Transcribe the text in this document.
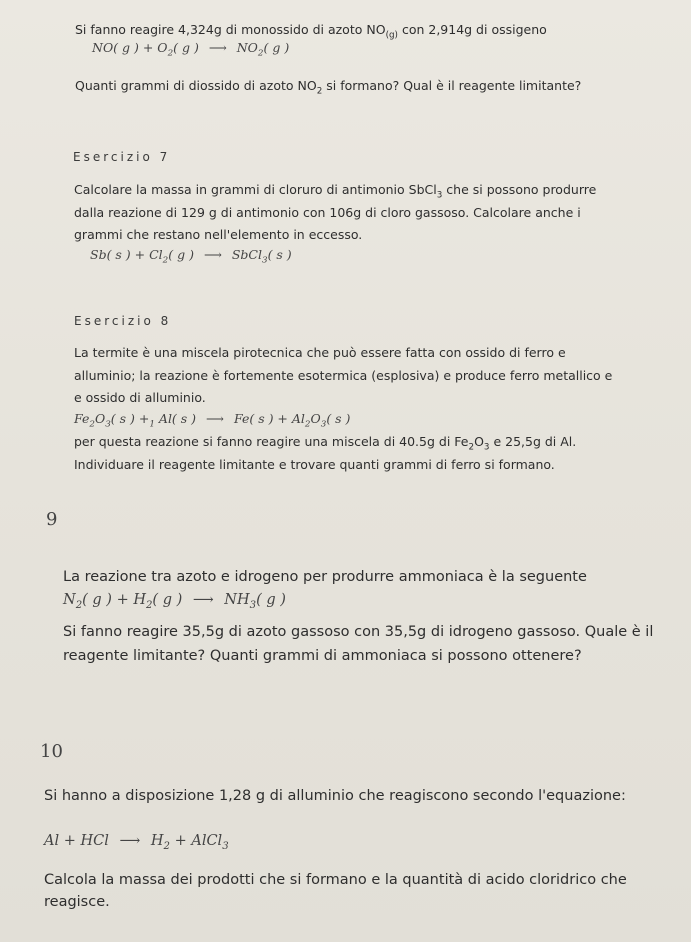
Si fanno reagire 4,324g di monossido di azoto $NO_{(g)}$ con 2,914g di ossigeno
NO( g ) + $O_2$( g ) ⟶ $NO_2$( g )
Quanti grammi di diossido di azoto $NO_2$ si formano? Qual è il reagente limitante?
Esercizio 7
Calcolare la massa in grammi di cloruro di antimonio SbCl$_3$ che si possono produrre
dalla reazione di 129 g di antimonio con 106g di cloro gassoso. Calcolare anche i
grammi che restano nell'elemento in eccesso.
Sb( s ) + $Cl_2$( g ) ⟶ SbCl$_3$( s )
Esercizio 8
La termite è una miscela pirotecnica che può essere fatta con ossido di ferro e
alluminio; la reazione è fortemente esotermica (esplosiva) e produce ferro metallico e
e ossido di alluminio.
$Fe_2O_3$( s ) $+_1$ Al( s ) ⟶ Fe( s ) + $Al_2O_3$( s )
per questa reazione si fanno reagire una miscela di 40.5g di $Fe_2O_3$ e 25,5g di Al.
Individuare il reagente limitante e trovare quanti grammi di ferro si formano.
9
La reazione tra azoto e idrogeno per produrre ammoniaca è la seguente
$N_2$( g ) + $H_2$( g ) ⟶ $NH_3$( g )
Si fanno reagire 35,5g di azoto gassoso con 35,5g di idrogeno gassoso. Quale è il
reagente limitante? Quanti grammi di ammoniaca si possono ottenere?
10
Si hanno a disposizione 1,28 g di alluminio che reagiscono secondo l'equazione:
Al + HCl ⟶ $H_2$ + AlCl$_3$
Calcola la massa dei prodotti che si formano e la quantità di acido cloridrico che
reagisce.
